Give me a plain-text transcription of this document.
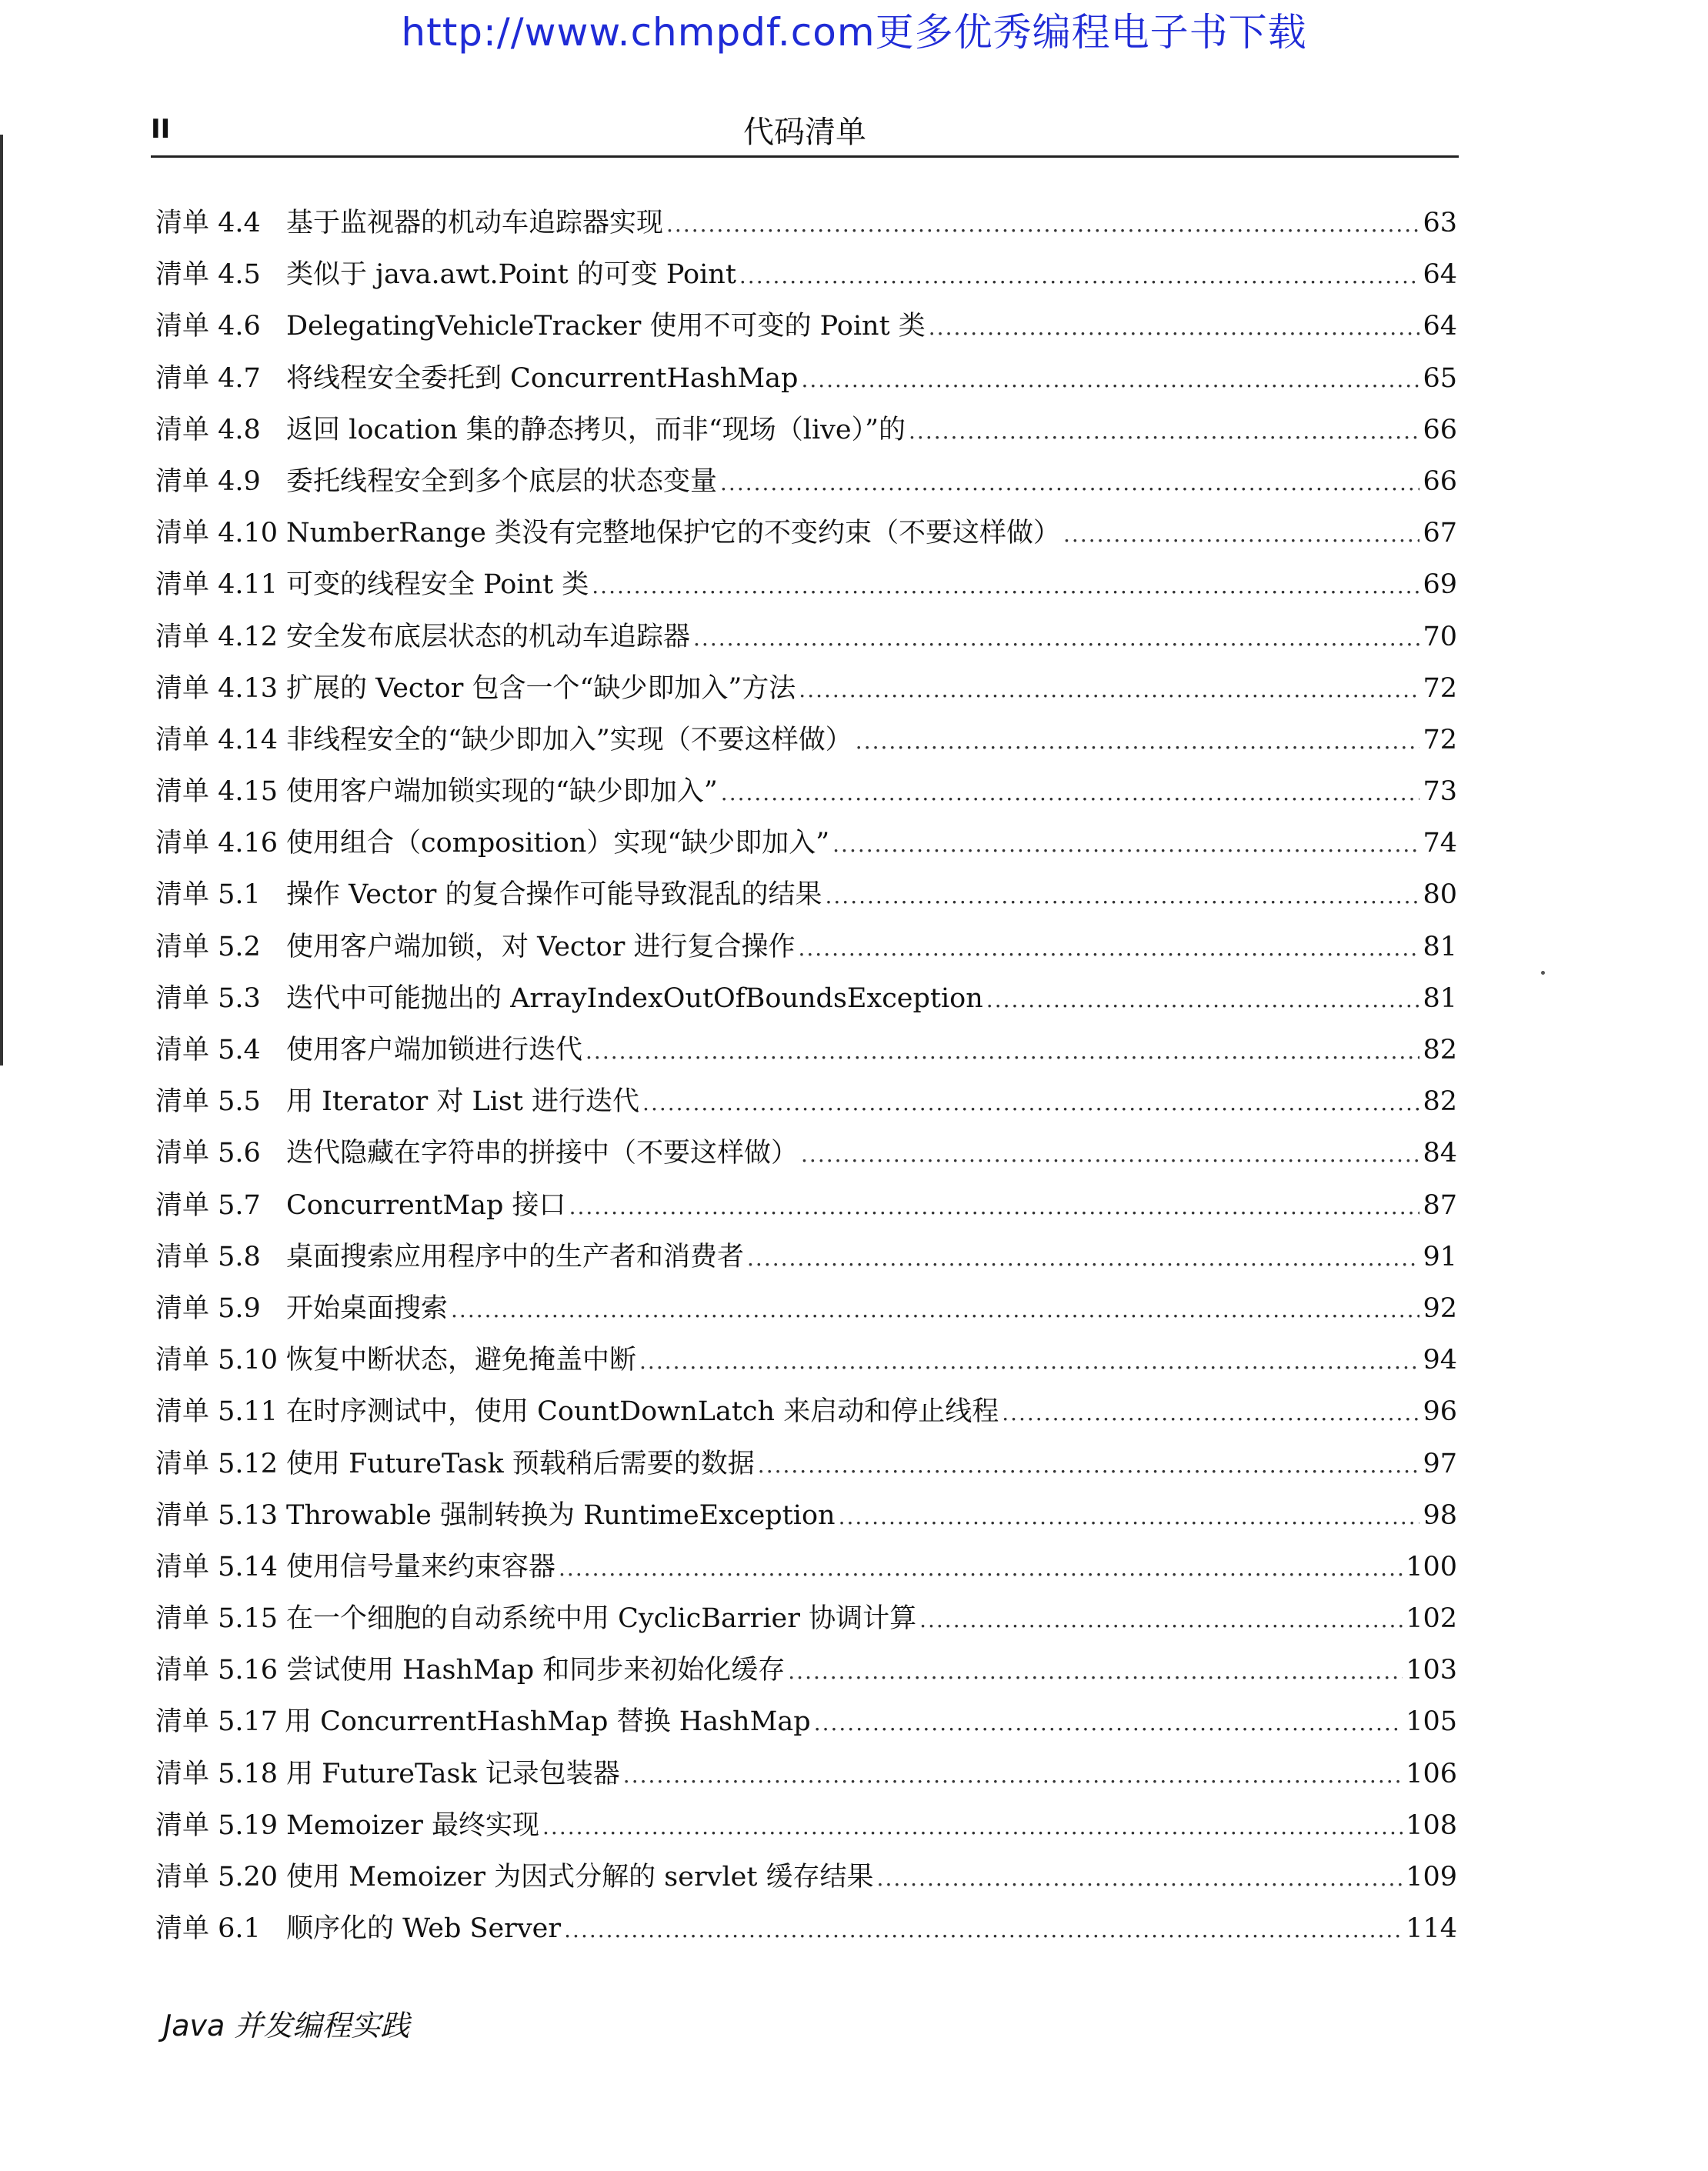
http://www.chmpdf.com更多优秀编程电子书下载
II	代码清单
清单 4.4 基于监视器的机动车追踪器实现 .....	63
清单 4.5 类似于 java.awt.Point 的可变 Point .....	64
清单 4.6 DelegatingVehicleTracker 使用不可变的 Point 类 .....	64
清单 4.7 将线程安全委托到 ConcurrentHashMap .....	65
清单 4.8 返回 location 集的静态拷贝，而非“现场（live）”的 .....	66
清单 4.9 委托线程安全到多个底层的状态变量 .....	66
清单 4.10 NumberRange 类没有完整地保护它的不变约束（不要这样做） .....	67
清单 4.11 可变的线程安全 Point 类 .....	69
清单 4.12 安全发布底层状态的机动车追踪器 .....	70
清单 4.13 扩展的 Vector 包含一个“缺少即加入”方法 .....	72
清单 4.14 非线程安全的“缺少即加入”实现（不要这样做） .....	72
清单 4.15 使用客户端加锁实现的“缺少即加入” .....	73
清单 4.16 使用组合（composition）实现“缺少即加入” .....	74
清单 5.1 操作 Vector 的复合操作可能导致混乱的结果 .....	80
清单 5.2 使用客户端加锁，对 Vector 进行复合操作 .....	81
清单 5.3 迭代中可能抛出的 ArrayIndexOutOfBoundsException .....	81
清单 5.4 使用客户端加锁进行迭代 .....	82
清单 5.5 用 Iterator 对 List 进行迭代 .....	82
清单 5.6 迭代隐藏在字符串的拼接中（不要这样做） .....	84
清单 5.7 ConcurrentMap 接口 .....	87
清单 5.8 桌面搜索应用程序中的生产者和消费者 .....	91
清单 5.9 开始桌面搜索 .....	92
清单 5.10 恢复中断状态，避免掩盖中断 .....	94
清单 5.11 在时序测试中，使用 CountDownLatch 来启动和停止线程 .....	96
清单 5.12 使用 FutureTask 预载稍后需要的数据 .....	97
清单 5.13 Throwable 强制转换为 RuntimeException .....	98
清单 5.14 使用信号量来约束容器 .....	100
清单 5.15 在一个细胞的自动系统中用 CyclicBarrier 协调计算 .....	102
清单 5.16 尝试使用 HashMap 和同步来初始化缓存 .....	103
清单 5.17 用 ConcurrentHashMap 替换 HashMap .....	105
清单 5.18 用 FutureTask 记录包装器 .....	106
清单 5.19 Memoizer 最终实现 .....	108
清单 5.20 使用 Memoizer 为因式分解的 servlet 缓存结果 .....	109
清单 6.1 顺序化的 Web Server .....	114
Java 并发编程实践
